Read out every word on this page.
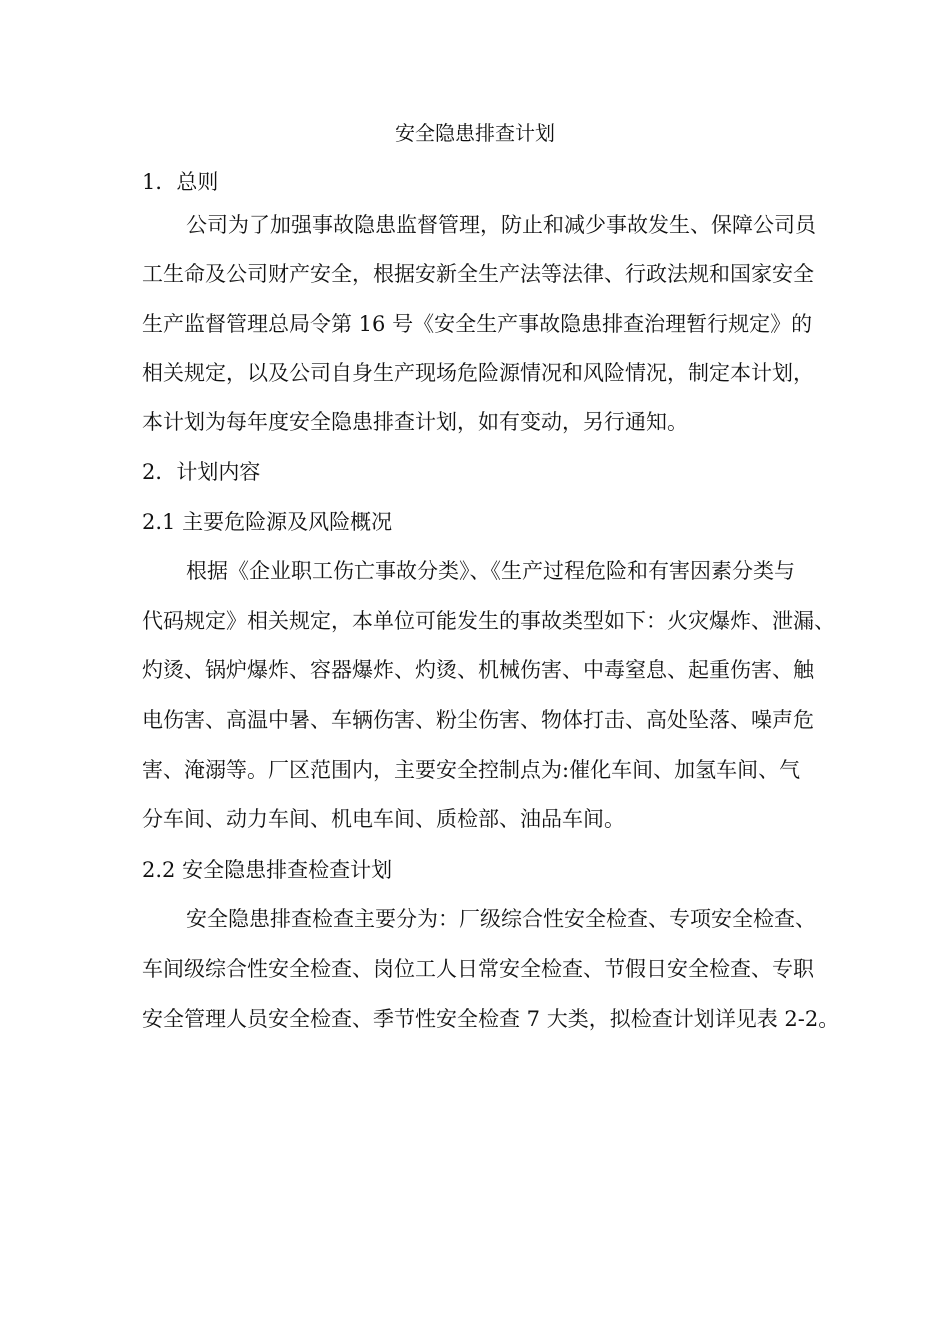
安全隐患排查计划
1．总则
公司为了加强事故隐患监督管理，防止和减少事故发生、保障公司员
工生命及公司财产安全，根据安新全生产法等法律、行政法规和国家安全
生产监督管理总局令第 16 号《安全生产事故隐患排查治理暂行规定》的
相关规定，以及公司自身生产现场危险源情况和风险情况，制定本计划，
本计划为每年度安全隐患排查计划，如有变动，另行通知。
2．计划内容
2.1 主要危险源及风险概况
根据《企业职工伤亡事故分类》、《生产过程危险和有害因素分类与
代码规定》相关规定，本单位可能发生的事故类型如下：火灾爆炸、泄漏、
灼烫、锅炉爆炸、容器爆炸、灼烫、机械伤害、中毒窒息、起重伤害、触
电伤害、高温中暑、车辆伤害、粉尘伤害、物体打击、高处坠落、噪声危
害、淹溺等。厂区范围内，主要安全控制点为:催化车间、加氢车间、气
分车间、动力车间、机电车间、质检部、油品车间。
2.2 安全隐患排查检查计划
安全隐患排查检查主要分为：厂级综合性安全检查、专项安全检查、
车间级综合性安全检查、岗位工人日常安全检查、节假日安全检查、专职
安全管理人员安全检查、季节性安全检查 7 大类，拟检查计划详见表 2-2。
